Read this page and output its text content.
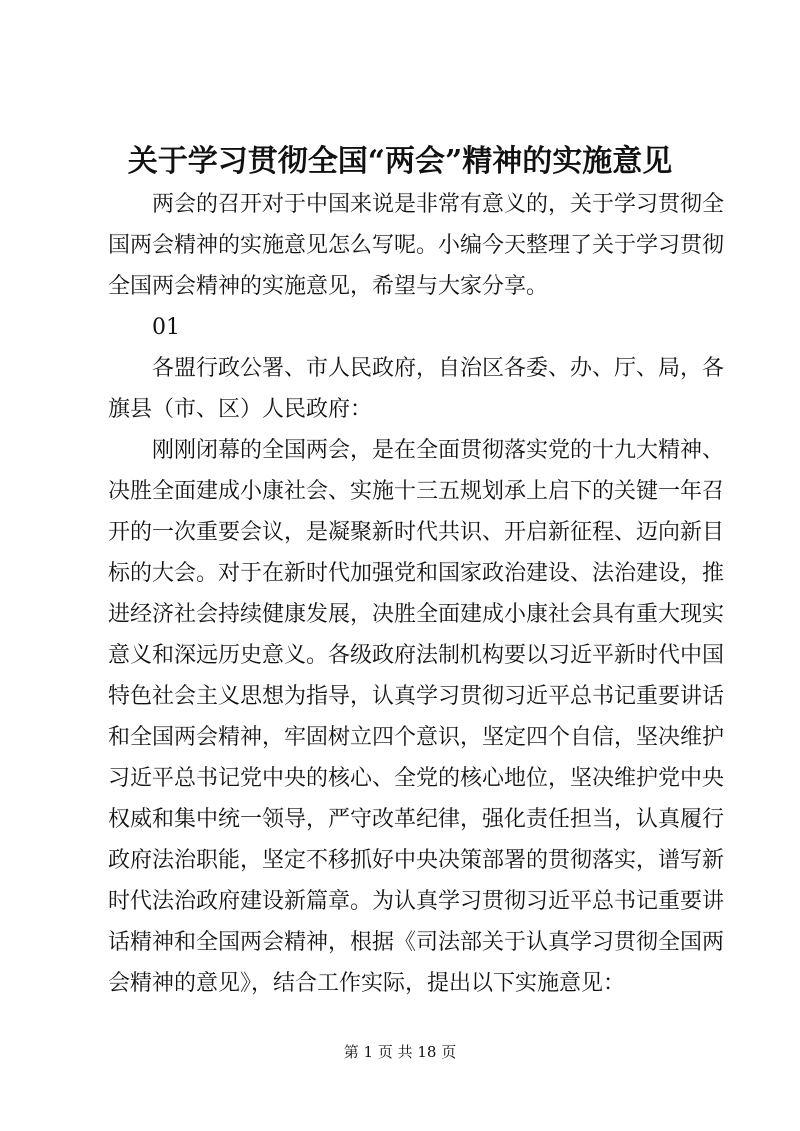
关于学习贯彻全国“两会”精神的实施意见
两会的召开对于中国来说是非常有意义的，关于学习贯彻全
国两会精神的实施意见怎么写呢。小编今天整理了关于学习贯彻
全国两会精神的实施意见，希望与大家分享。
01
各盟行政公署、市人民政府，自治区各委、办、厅、局，各
旗县（市、区）人民政府：
刚刚闭幕的全国两会，是在全面贯彻落实党的十九大精神、
决胜全面建成小康社会、实施十三五规划承上启下的关键一年召
开的一次重要会议，是凝聚新时代共识、开启新征程、迈向新目
标的大会。对于在新时代加强党和国家政治建设、法治建设，推
进经济社会持续健康发展，决胜全面建成小康社会具有重大现实
意义和深远历史意义。各级政府法制机构要以习近平新时代中国
特色社会主义思想为指导，认真学习贯彻习近平总书记重要讲话
和全国两会精神，牢固树立四个意识，坚定四个自信，坚决维护
习近平总书记党中央的核心、全党的核心地位，坚决维护党中央
权威和集中统一领导，严守改革纪律，强化责任担当，认真履行
政府法治职能，坚定不移抓好中央决策部署的贯彻落实，谱写新
时代法治政府建设新篇章。为认真学习贯彻习近平总书记重要讲
话精神和全国两会精神，根据《司法部关于认真学习贯彻全国两
会精神的意见》，结合工作实际，提出以下实施意见：
第 1 页 共 18 页
